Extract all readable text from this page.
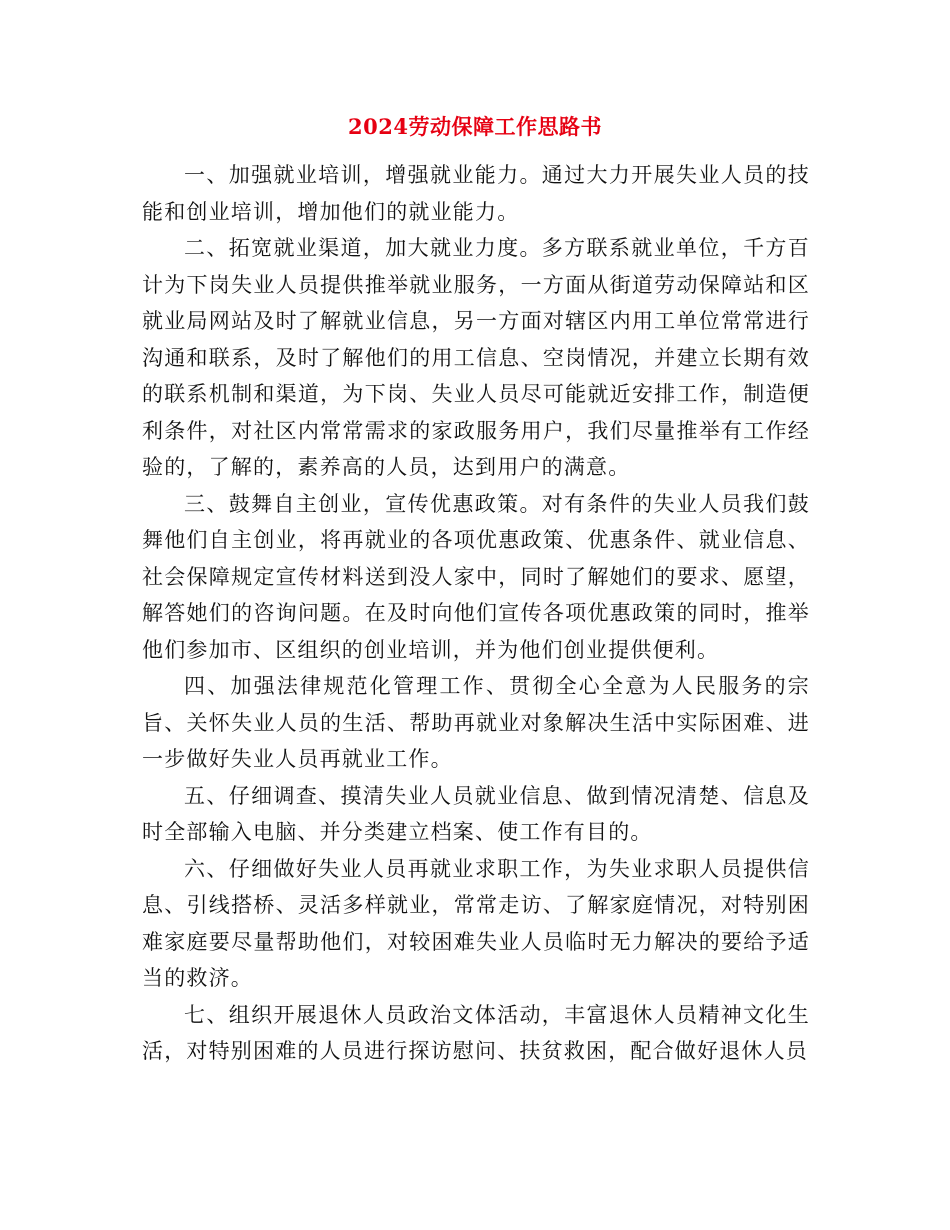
2024劳动保障工作思路书

一、加强就业培训，增强就业能力。通过大力开展失业人员的技能和创业培训，增加他们的就业能力。

二、拓宽就业渠道，加大就业力度。多方联系就业单位，千方百计为下岗失业人员提供推举就业服务，一方面从街道劳动保障站和区就业局网站及时了解就业信息，另一方面对辖区内用工单位常常进行沟通和联系，及时了解他们的用工信息、空岗情况，并建立长期有效的联系机制和渠道，为下岗、失业人员尽可能就近安排工作，制造便利条件，对社区内常常需求的家政服务用户，我们尽量推举有工作经验的，了解的，素养高的人员，达到用户的满意。

三、鼓舞自主创业，宣传优惠政策。对有条件的失业人员我们鼓舞他们自主创业，将再就业的各项优惠政策、优惠条件、就业信息、社会保障规定宣传材料送到没人家中，同时了解她们的要求、愿望，解答她们的咨询问题。在及时向他们宣传各项优惠政策的同时，推举他们参加市、区组织的创业培训，并为他们创业提供便利。

四、加强法律规范化管理工作、贯彻全心全意为人民服务的宗旨、关怀失业人员的生活、帮助再就业对象解决生活中实际困难、进一步做好失业人员再就业工作。

五、仔细调查、摸清失业人员就业信息、做到情况清楚、信息及时全部输入电脑、并分类建立档案、使工作有目的。

六、仔细做好失业人员再就业求职工作，为失业求职人员提供信息、引线搭桥、灵活多样就业，常常走访、了解家庭情况，对特别困难家庭要尽量帮助他们，对较困难失业人员临时无力解决的要给予适当的救济。

七、组织开展退休人员政治文体活动，丰富退休人员精神文化生活，对特别困难的人员进行探访慰问、扶贫救困，配合做好退休人员
